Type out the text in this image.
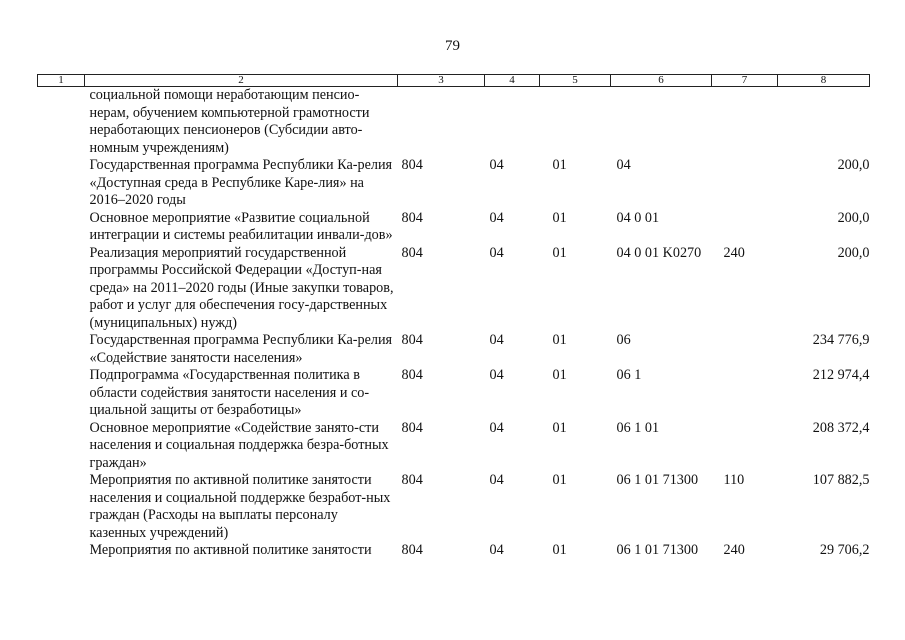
79
1	2	3	4	5	6	7	8
	социальной помощи неработающим пенсио-нерам, обучением компьютерной грамотности неработающих пенсионеров (Субсидии авто-номным учреждениям)						
	Государственная программа Республики Ка-релия «Доступная среда в Республике Каре-лия» на 2016–2020 годы	804	04	01	04		200,0
	Основное мероприятие «Развитие социальной интеграции и системы реабилитации инвали-дов»	804	04	01	04 0 01		200,0
	Реализация мероприятий государственной программы Российской Федерации «Доступ-ная среда» на 2011–2020 годы (Иные закупки товаров, работ и услуг для обеспечения госу-дарственных (муниципальных) нужд)	804	04	01	04 0 01 K0270	240	200,0
	Государственная программа Республики Ка-релия «Содействие занятости населения»	804	04	01	06		234 776,9
	Подпрограмма «Государственная политика в области содействия занятости населения и со-циальной защиты от безработицы»	804	04	01	06 1		212 974,4
	Основное мероприятие «Содействие занято-сти населения и социальная поддержка безра-ботных граждан»	804	04	01	06 1 01		208 372,4
	Мероприятия по активной политике занятости населения и социальной поддержке безработ-ных граждан (Расходы на выплаты персоналу казенных учреждений)	804	04	01	06 1 01 71300	110	107 882,5
	Мероприятия по активной политике занятости	804	04	01	06 1 01 71300	240	29 706,2
